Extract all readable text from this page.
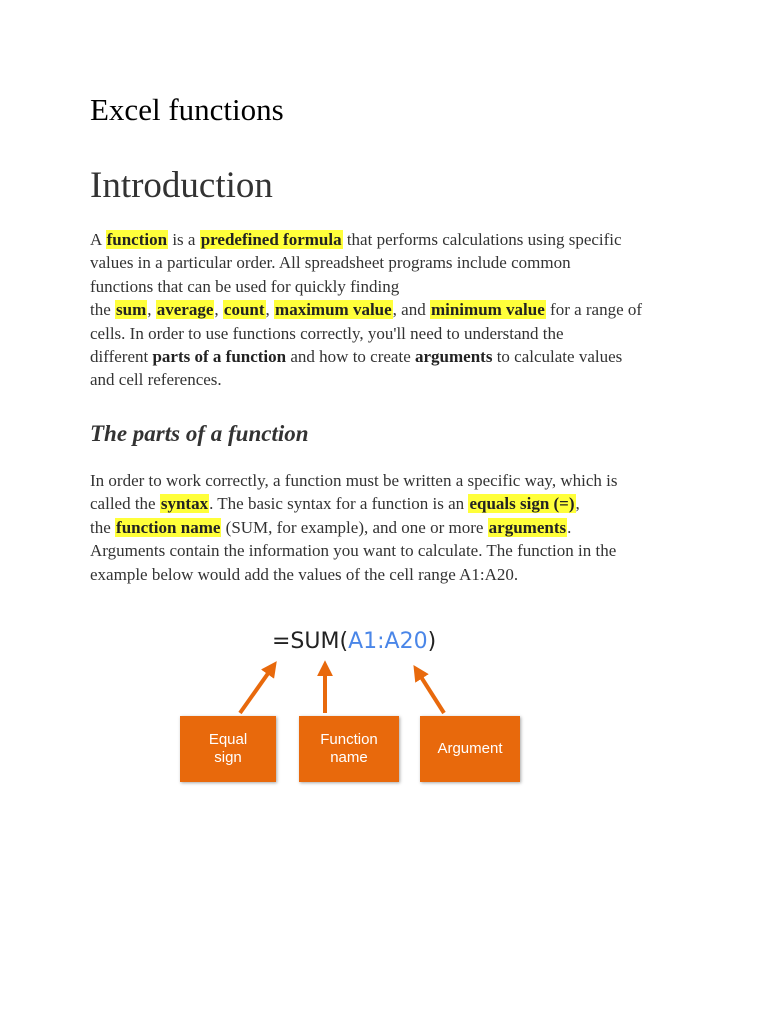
Excel functions
Introduction

A function is a predefined formula that performs calculations using specific
values in a particular order. All spreadsheet programs include common
functions that can be used for quickly finding
the sum, average, count, maximum value, and minimum value for a range of
cells. In order to use functions correctly, you'll need to understand the
different parts of a function and how to create arguments to calculate values
and cell references.

The parts of a function

In order to work correctly, a function must be written a specific way, which is
called the syntax. The basic syntax for a function is an equals sign (=),
the function name (SUM, for example), and one or more arguments.
Arguments contain the information you want to calculate. The function in the
example below would add the values of the cell range A1:A20.

=SUM(A1:A20)
Equal
sign
Function
name
Argument
